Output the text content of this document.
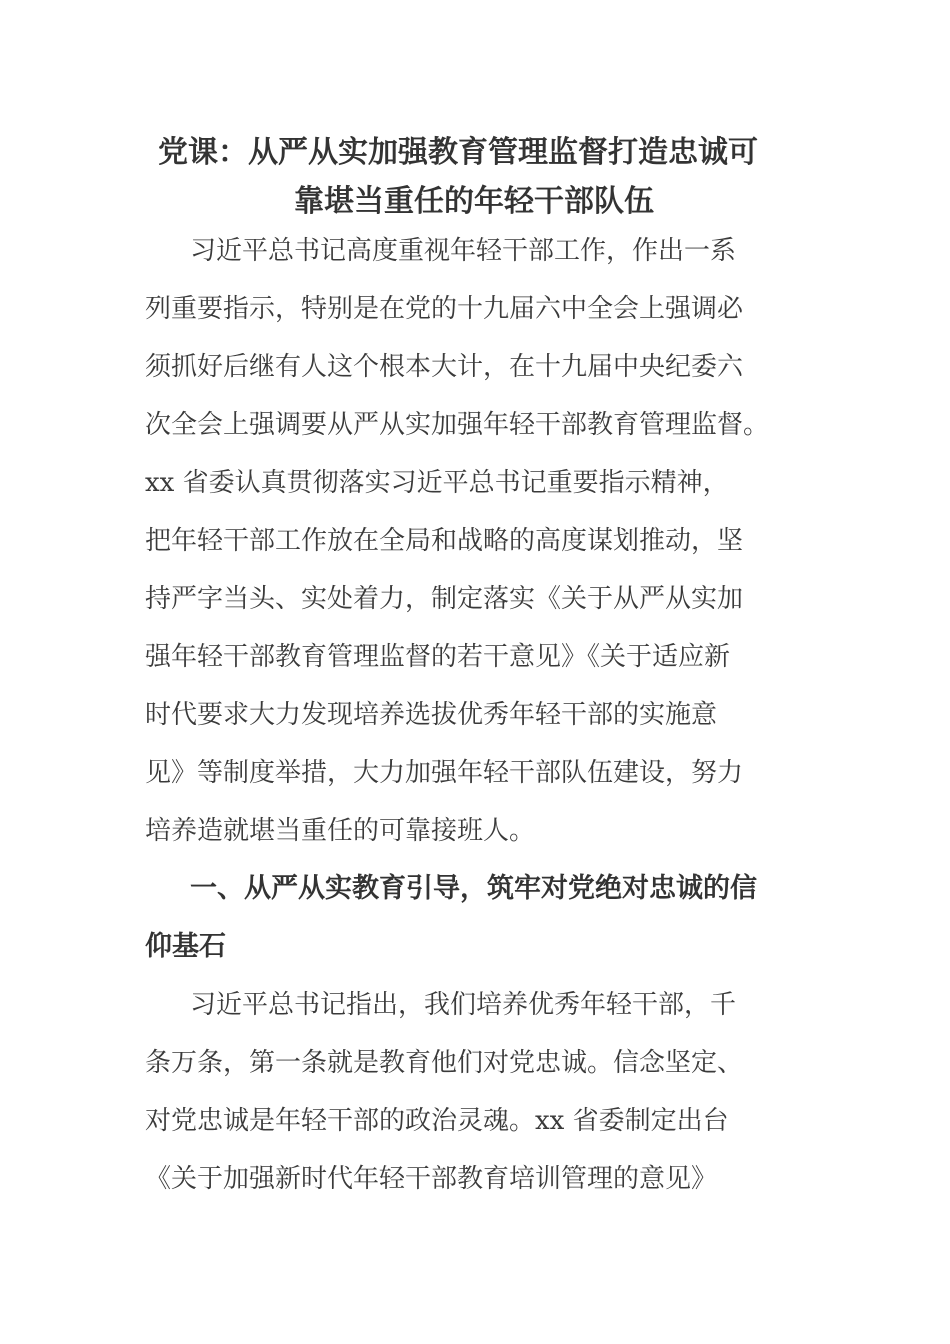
党课：从严从实加强教育管理监督打造忠诚可
靠堪当重任的年轻干部队伍
习近平总书记高度重视年轻干部工作，作出一系
列重要指示，特别是在党的十九届六中全会上强调必
须抓好后继有人这个根本大计，在十九届中央纪委六
次全会上强调要从严从实加强年轻干部教育管理监督。
xx 省委认真贯彻落实习近平总书记重要指示精神，
把年轻干部工作放在全局和战略的高度谋划推动，坚
持严字当头、实处着力，制定落实《关于从严从实加
强年轻干部教育管理监督的若干意见》《关于适应新
时代要求大力发现培养选拔优秀年轻干部的实施意
见》等制度举措，大力加强年轻干部队伍建设，努力
培养造就堪当重任的可靠接班人。
一、从严从实教育引导，筑牢对党绝对忠诚的信
仰基石
习近平总书记指出，我们培养优秀年轻干部，千
条万条，第一条就是教育他们对党忠诚。信念坚定、
对党忠诚是年轻干部的政治灵魂。xx 省委制定出台
《关于加强新时代年轻干部教育培训管理的意见》
